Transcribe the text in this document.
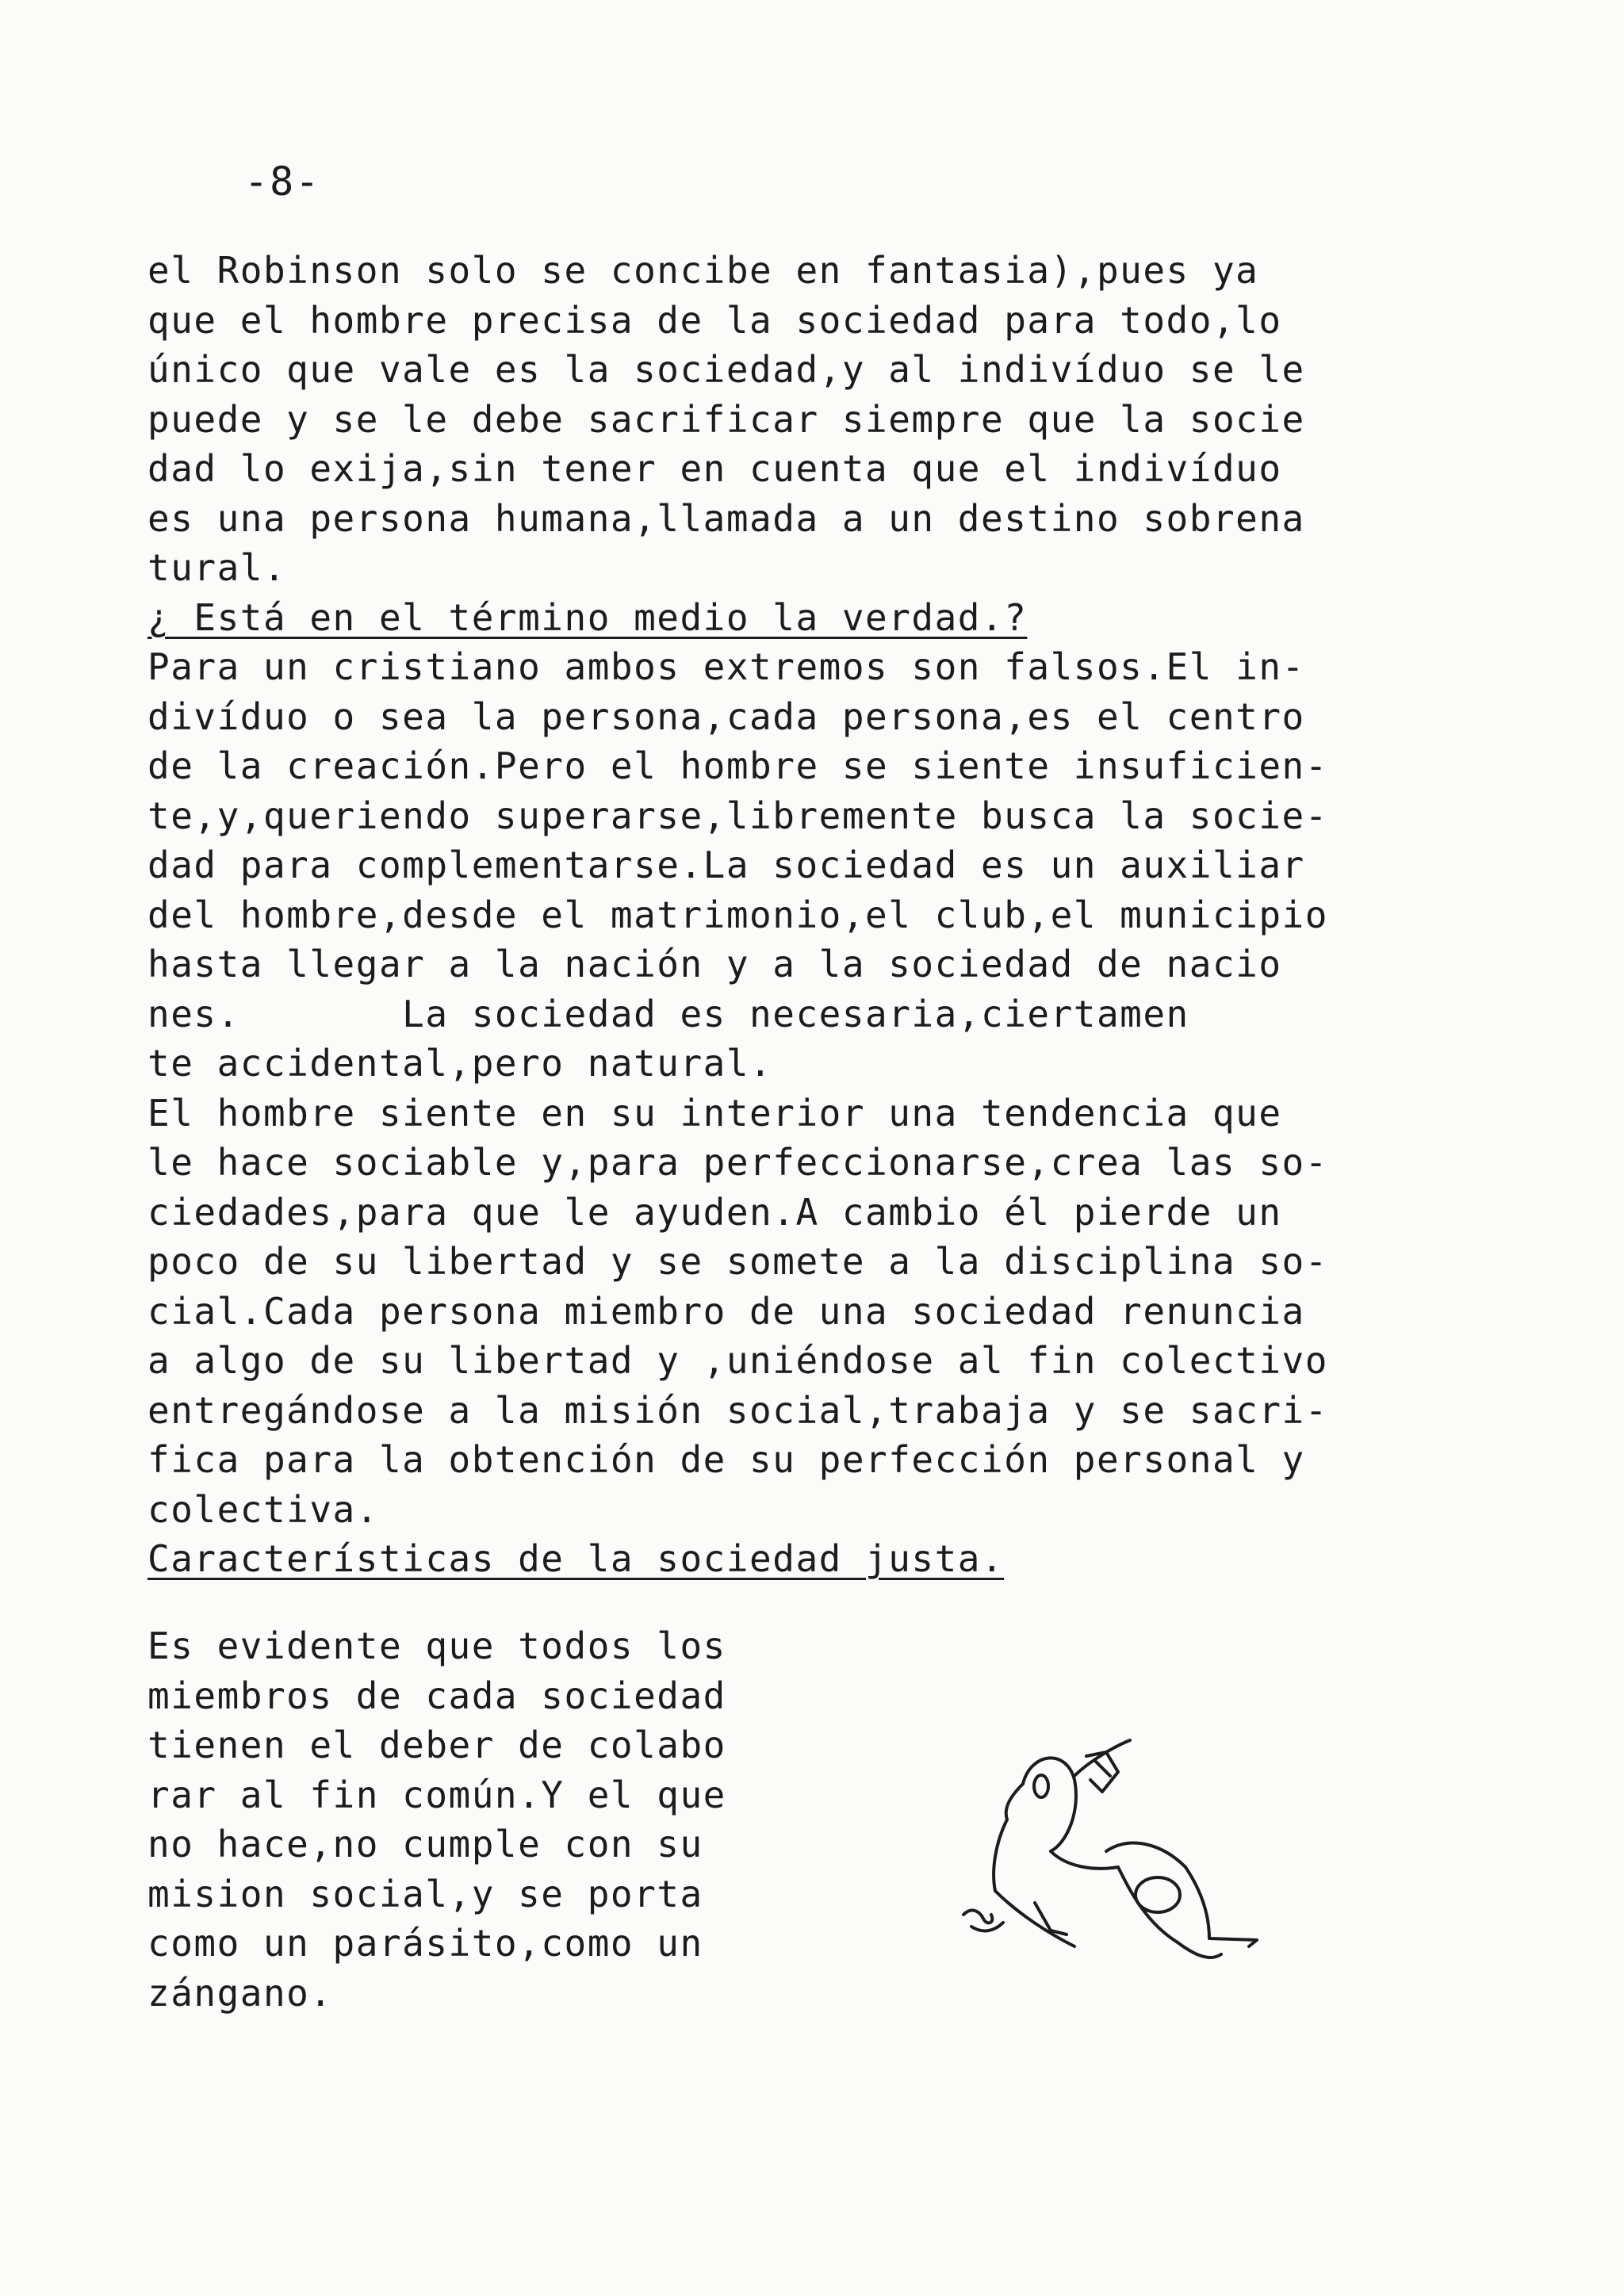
-8-
el Robinson solo se concibe en fantasia),pues ya
que el hombre precisa de la sociedad para todo,lo
único que vale es la sociedad,y al indivíduo se le
puede y se le debe sacrificar siempre que la socie
dad lo exija,sin tener en cuenta que el indivíduo
es una persona humana,llamada a un destino sobrena
tural.
¿ Está en el término medio la verdad.?
Para un cristiano ambos extremos son falsos.El in-
divíduo o sea la persona,cada persona,es el centro
de la creación.Pero el hombre se siente insuficien-
te,y,queriendo superarse,libremente busca la socie-
dad para complementarse.La sociedad es un auxiliar
del hombre,desde el matrimonio,el club,el municipio
hasta llegar a la nación y a la sociedad de nacio
nes.       La sociedad es necesaria,ciertamen
te accidental,pero natural.
El hombre siente en su interior una tendencia que
le hace sociable y,para perfeccionarse,crea las so-
ciedades,para que le ayuden.A cambio él pierde un
poco de su libertad y se somete a la disciplina so-
cial.Cada persona miembro de una sociedad renuncia
a algo de su libertad y ,uniéndose al fin colectivo
entregándose a la misión social,trabaja y se sacri-
fica para la obtención de su perfección personal y
colectiva.
Características de la sociedad justa.
Es evidente que todos los
miembros de cada sociedad
tienen el deber de colabo
rar al fin común.Y el que
no hace,no cumple con su
mision social,y se porta
como un parásito,como un
zángano.
